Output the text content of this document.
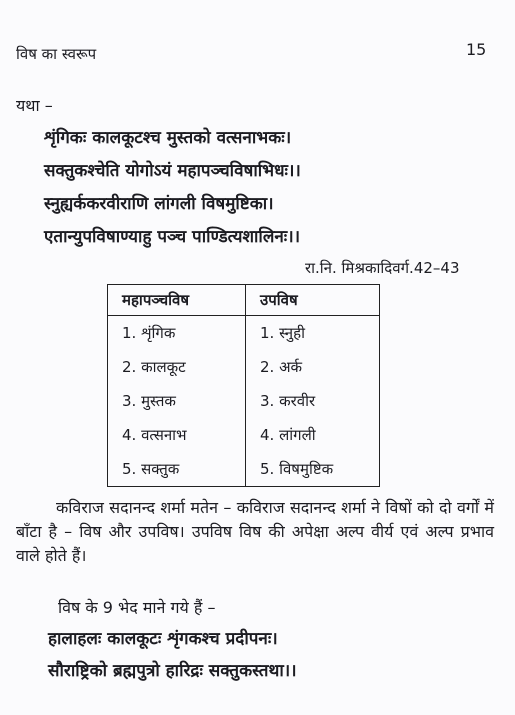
विष का स्वरूप	15
यथा –
शृंगिकः कालकूटश्च मुस्तको वत्सनाभकः।
सक्तुकश्चेति योगोऽयं महापञ्चविषाभिधः।।
स्नुह्यर्ककरवीराणि लांगली विषमुष्टिका।
एतान्युपविषाण्याहु पञ्च पाण्डित्यशालिनः।।
रा.नि. मिश्रकादिवर्ग.42–43
महापञ्चविष	उपविष
1. शृंगिक	1. स्नुही
2. कालकूट	2. अर्क
3. मुस्तक	3. करवीर
4. वत्सनाभ	4. लांगली
5. सक्तुक	5. विषमुष्टिक
कविराज सदानन्द शर्मा मतेन – कविराज सदानन्द शर्मा ने विषों को दो वर्गों में बाँटा है – विष और उपविष। उपविष विष की अपेक्षा अल्प वीर्य एवं अल्प प्रभाव वाले होते हैं।
विष के 9 भेद माने गये हैं –
हालाहलः कालकूटः शृंगकश्च प्रदीपनः।
सौराष्ट्रिको ब्रह्मपुत्रो हारिद्रः सक्तुकस्तथा।।
